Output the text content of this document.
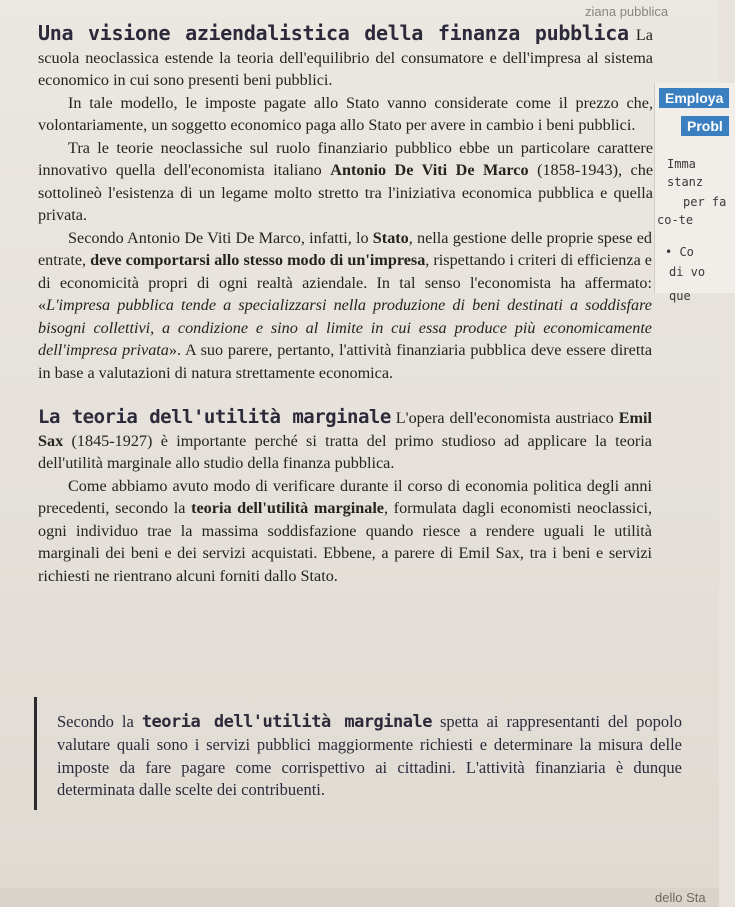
ziana pubblica
Employa
Probl
Imma
stanz
per fa
co-te
• Co
di vo
que

Una visione aziendalistica della finanza pubblica La scuola neoclassica estende la teoria dell'equilibrio del consumatore e dell'impresa al sistema economico in cui sono presenti beni pubblici.

In tale modello, le imposte pagate allo Stato vanno considerate come il prezzo che, volontariamente, un soggetto economico paga allo Stato per avere in cambio i beni pubblici.

Tra le teorie neoclassiche sul ruolo finanziario pubblico ebbe un particolare carattere innovativo quella dell'economista italiano Antonio De Viti De Marco (1858-1943), che sottolineò l'esistenza di un legame molto stretto tra l'iniziativa economica pubblica e quella privata.

Secondo Antonio De Viti De Marco, infatti, lo Stato, nella gestione delle proprie spese ed entrate, deve comportarsi allo stesso modo di un'impresa, rispettando i criteri di efficienza e di economicità propri di ogni realtà aziendale. In tal senso l'economista ha affermato: «L'impresa pubblica tende a specializzarsi nella produzione di beni destinati a soddisfare bisogni collettivi, a condizione e sino al limite in cui essa produce più economicamente dell'impresa privata». A suo parere, pertanto, l'attività finanziaria pubblica deve essere diretta in base a valutazioni di natura strettamente economica.

La teoria dell'utilità marginale L'opera dell'economista austriaco Emil Sax (1845-1927) è importante perché si tratta del primo studioso ad applicare la teoria dell'utilità marginale allo studio della finanza pubblica.

Come abbiamo avuto modo di verificare durante il corso di economia politica degli anni precedenti, secondo la teoria dell'utilità marginale, formulata dagli economisti neoclassici, ogni individuo trae la massima soddisfazione quando riesce a rendere uguali le utilità marginali dei beni e dei servizi acquistati. Ebbene, a parere di Emil Sax, tra i beni e servizi richiesti ne rientrano alcuni forniti dallo Stato.

Secondo la teoria dell'utilità marginale spetta ai rappresentanti del popolo valutare quali sono i servizi pubblici maggiormente richiesti e determinare la misura delle imposte da fare pagare come corrispettivo ai cittadini. L'attività finanziaria è dunque determinata dalle scelte dei contribuenti.
dello Sta
